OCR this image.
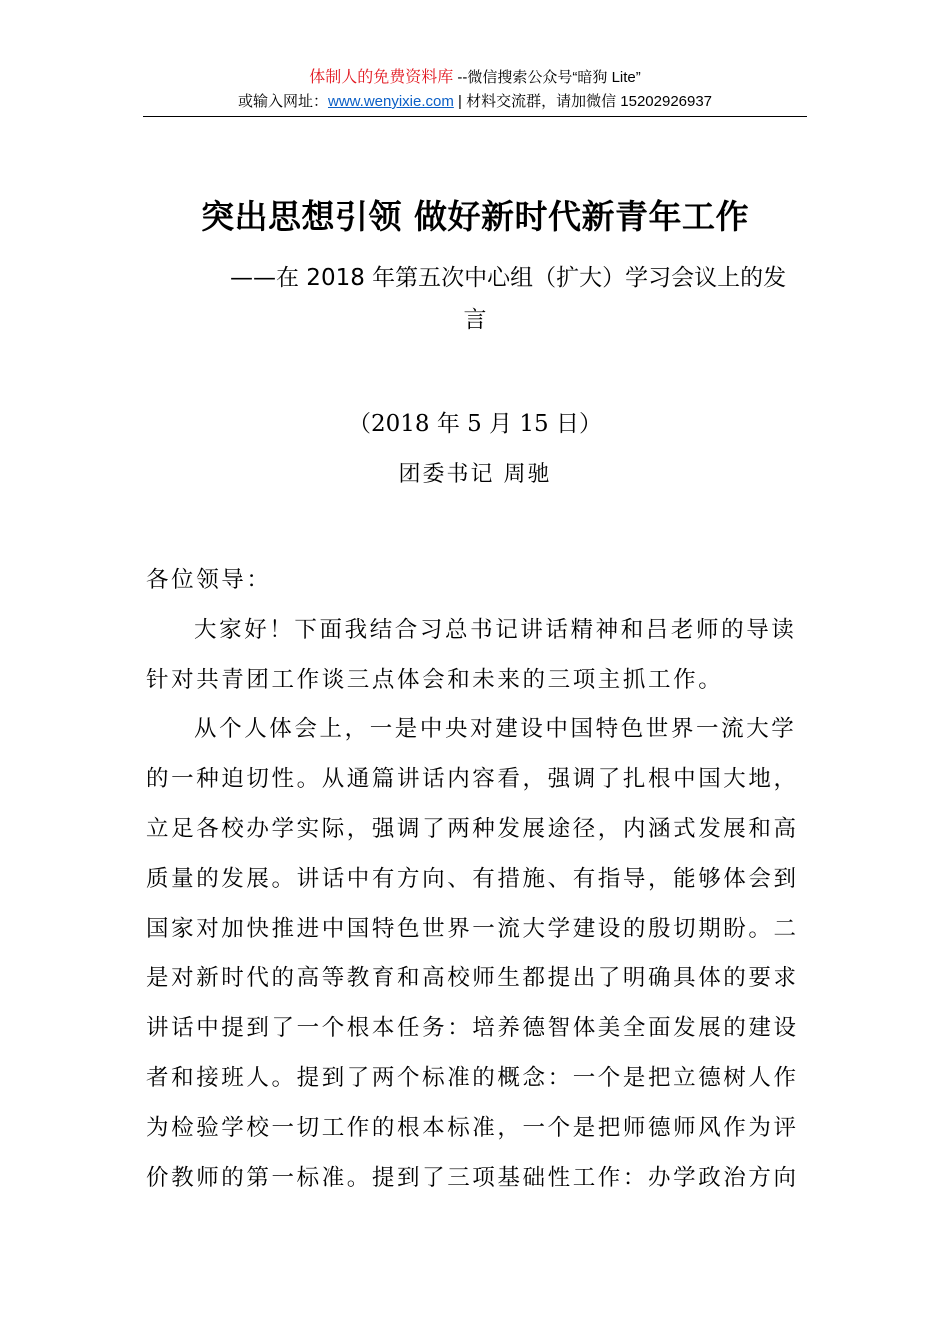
体制人的免费资料库 --微信搜索公众号“暗狗 Lite”
或输入网址：www.wenyixie.com | 材料交流群，请加微信 15202926937
突出思想引领 做好新时代新青年工作
——在 2018 年第五次中心组（扩大）学习会议上的发
言
（2018 年 5 月 15 日）
团委书记 周驰

各位领导：

大家好！下面我结合习总书记讲话精神和吕老师的导读针对共青团工作谈三点体会和未来的三项主抓工作。

从个人体会上，一是中央对建设中国特色世界一流大学的一种迫切性。从通篇讲话内容看，强调了扎根中国大地，立足各校办学实际，强调了两种发展途径，内涵式发展和高质量的发展。讲话中有方向、有措施、有指导，能够体会到国家对加快推进中国特色世界一流大学建设的殷切期盼。二是对新时代的高等教育和高校师生都提出了明确具体的要求讲话中提到了一个根本任务：培养德智体美全面发展的建设者和接班人。提到了两个标准的概念：一个是把立德树人作为检验学校一切工作的根本标准，一个是把师德师风作为评价教师的第一标准。提到了三项基础性工作：办学政治方向
